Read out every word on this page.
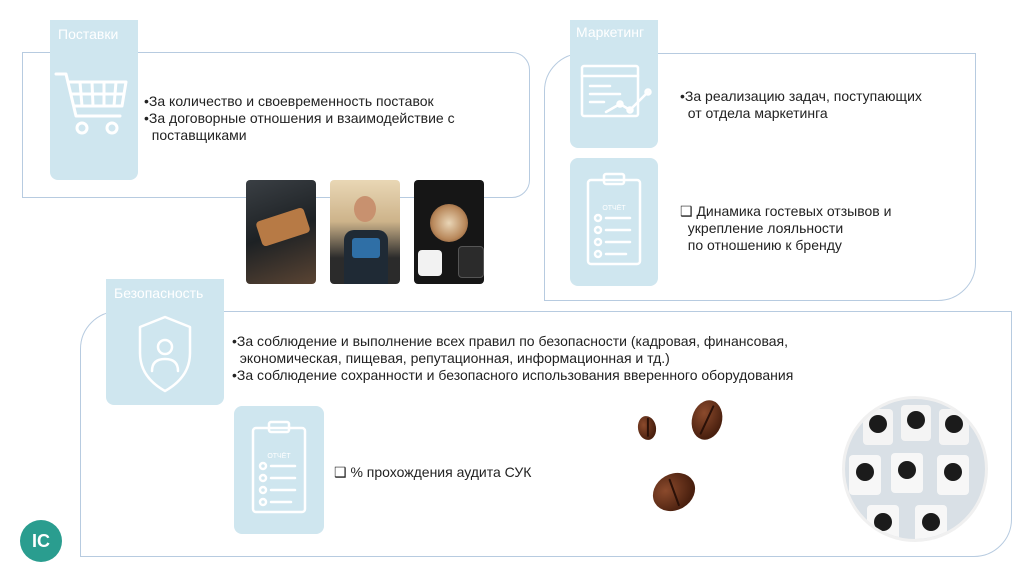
Поставки
•За количество и своевременность поставок
•За договорные отношения и взаимодействие с
поставщиками
Маркетинг
ОТЧЁТ
•За реализацию задач, поступающих
от отдела маркетинга
❑ Динамика гостевых отзывов и
укрепление лояльности
по отношению к бренду
Безопасность
•За соблюдение и выполнение всех правил по безопасности (кадровая, финансовая,
экономическая, пищевая, репутационная, информационная и тд.)
•За соблюдение сохранности и безопасного использования вверенного оборудования
ОТЧЁТ
❑ % прохождения аудита СУК
IC
